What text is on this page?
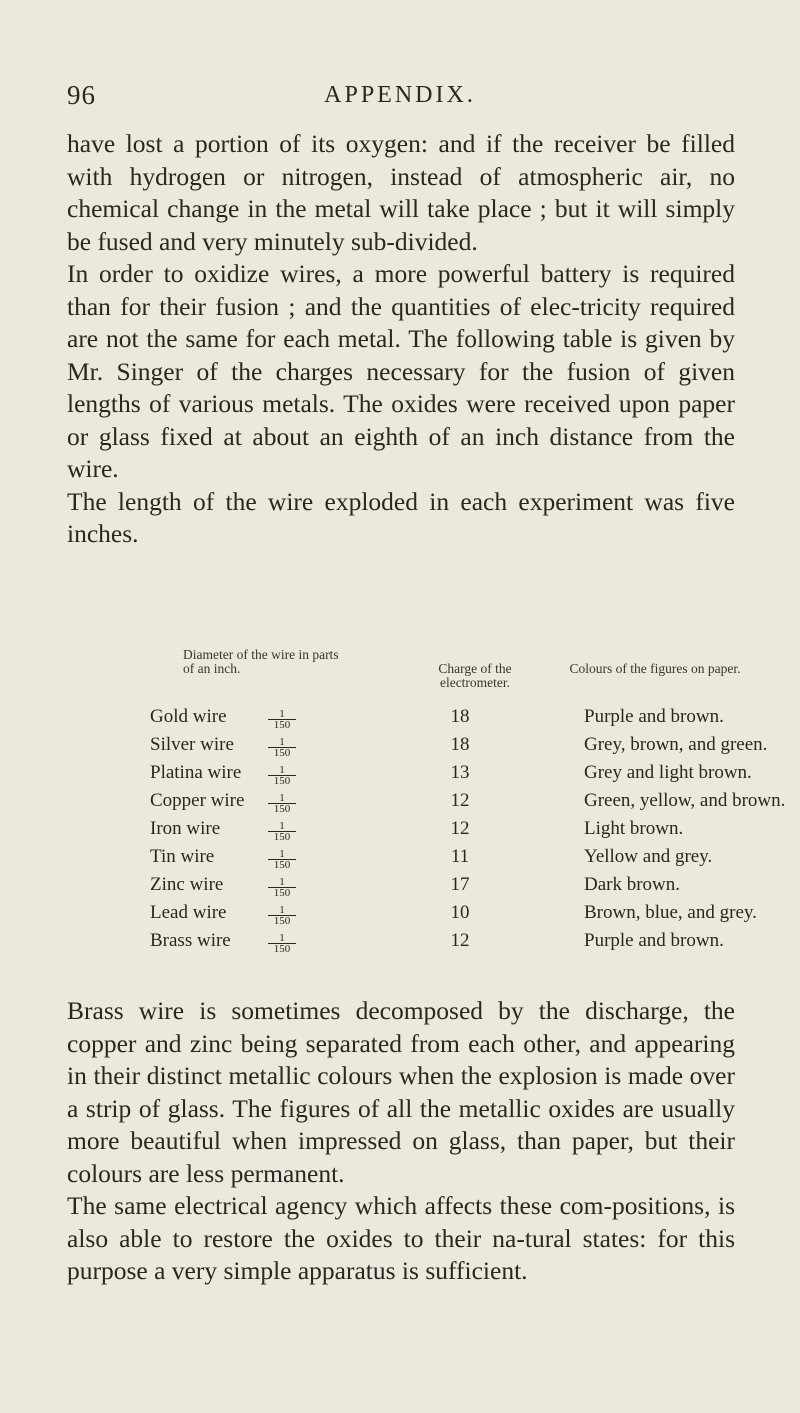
96	APPENDIX.

have lost a portion of its oxygen: and if the receiver be filled with hydrogen or nitrogen, instead of atmospheric air, no chemical change in the metal will take place ; but it will simply be fused and very minutely sub-divided.

In order to oxidize wires, a more powerful battery is required than for their fusion ; and the quantities of elec-tricity required are not the same for each metal. The following table is given by Mr. Singer of the charges necessary for the fusion of given lengths of various metals. The oxides were received upon paper or glass fixed at about an eighth of an inch distance from the wire.

The length of the wire exploded in each experiment was five inches.

Diameter of the wire in parts of an inch.	Charge of the electrometer.
Colours of the figures on paper.
Gold wire	$\frac{1}{150}$	18	Purple and brown.
Silver wire	$\frac{1}{150}$	18	Grey, brown, and green.
Platina wire $\frac{1}{150}$	13	Grey and light brown.
Copper wire $\frac{1}{150}$	12	Green, yellow, and brown.
Iron wire	$\frac{1}{150}$	12	Light brown.
Tin wire	$\frac{1}{150}$	11	Yellow and grey.
Zinc wire	$\frac{1}{150}$	17	Dark brown.
Lead wire	$\frac{1}{150}$	10	Brown, blue, and grey.
Brass wire	$\frac{1}{150}$	12	Purple and brown.

Brass wire is sometimes decomposed by the discharge, the copper and zinc being separated from each other, and appearing in their distinct metallic colours when the explosion is made over a strip of glass. The figures of all the metallic oxides are usually more beautiful when impressed on glass, than paper, but their colours are less permanent.

The same electrical agency which affects these com-positions, is also able to restore the oxides to their na-tural states: for this purpose a very simple apparatus is sufficient.
